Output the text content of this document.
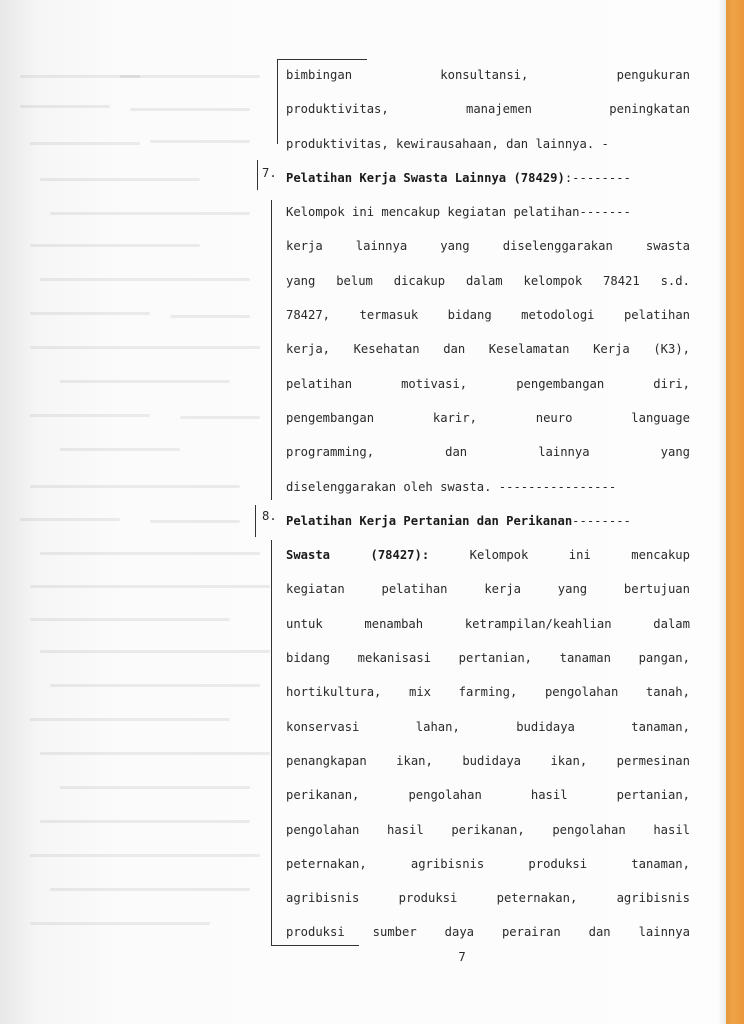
7.
8.
bimbingan	konsultansi,	pengukuran
produktivitas,	manajemen	peningkatan
produktivitas, kewirausahaan, dan lainnya. -
Pelatihan Kerja Swasta Lainnya (78429):--------
Kelompok ini mencakup kegiatan pelatihan-------
kerja	lainnya	yang	diselenggarakan	swasta
yang belum dicakup dalam kelompok 78421 s.d.
78427, termasuk bidang metodologi pelatihan
kerja, Kesehatan dan Keselamatan Kerja (K3),
pelatihan	motivasi,	pengembangan	diri,
pengembangan	karir,	neuro	language
programming,	dan	lainnya	yang
diselenggarakan oleh swasta. ----------------
Pelatihan Kerja Pertanian dan Perikanan--------
Swasta	(78427):	Kelompok	ini	mencakup
kegiatan	pelatihan	kerja	yang	bertujuan
untuk	menambah	ketrampilan/keahlian	dalam
bidang mekanisasi pertanian, tanaman pangan,
hortikultura, mix farming, pengolahan tanah,
konservasi	lahan,	budidaya	tanaman,
penangkapan ikan, budidaya ikan, permesinan
perikanan,	pengolahan	hasil	pertanian,
pengolahan hasil perikanan, pengolahan hasil
peternakan,	agribisnis	produksi	tanaman,
agribisnis	produksi	peternakan,	agribisnis
produksi sumber daya perairan dan lainnya
7
